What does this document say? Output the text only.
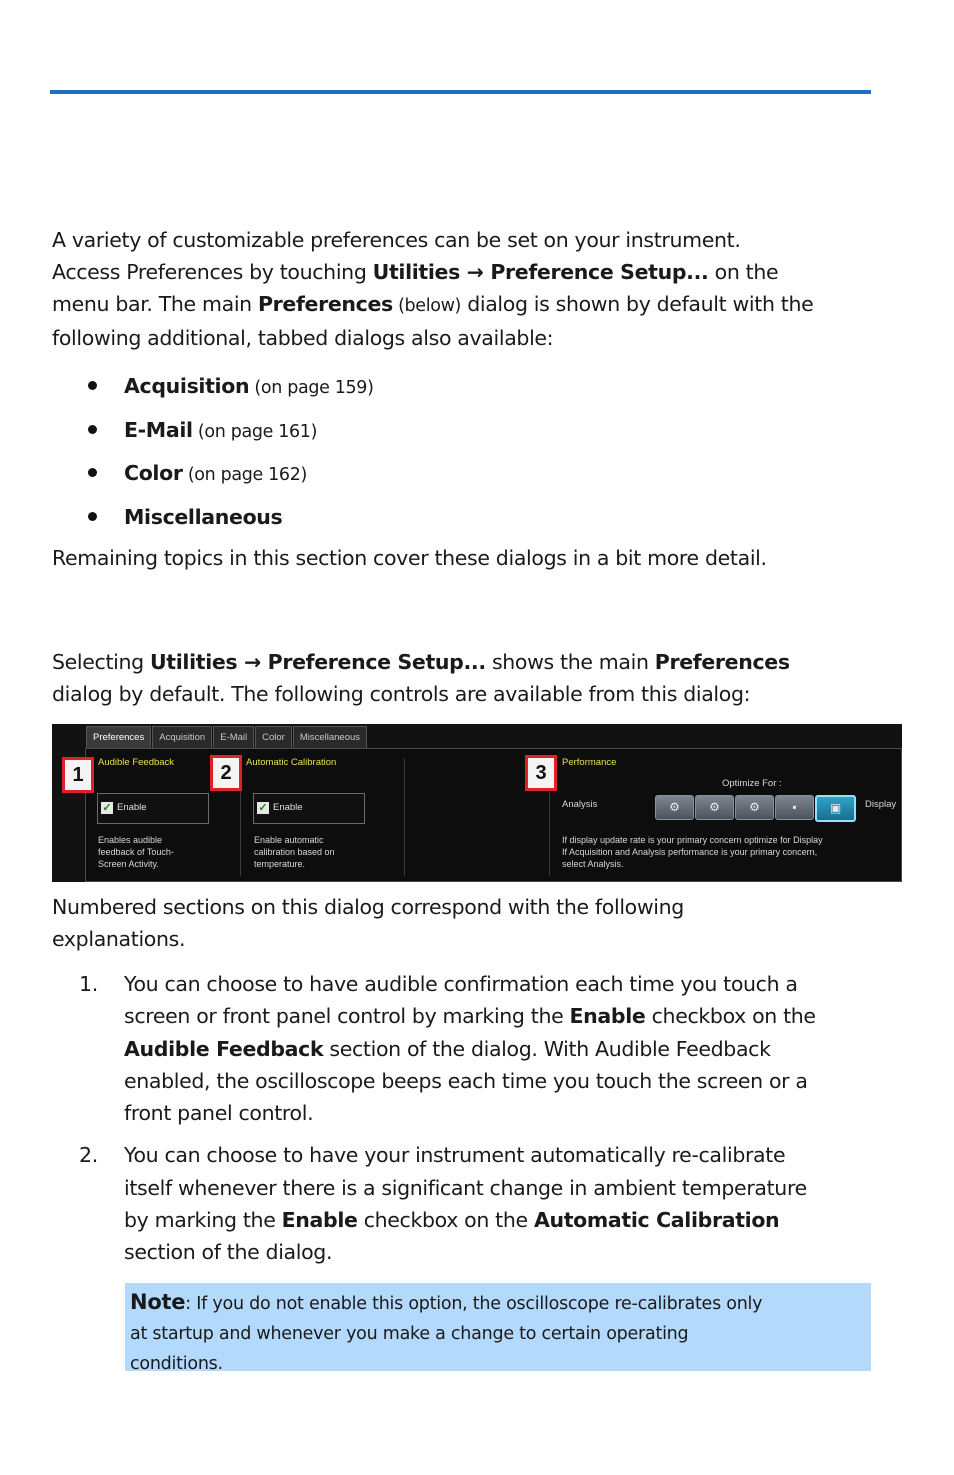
A variety of customizable preferences can be set on your instrument.
Access Preferences by touching Utilities → Preference Setup... on the
menu bar. The main Preferences (below) dialog is shown by default with the
following additional, tabbed dialogs also available:

Acquisition (on page 159)
E-Mail (on page 161)
Color (on page 162)
Miscellaneous

Remaining topics in this section cover these dialogs in a bit more detail.

Selecting Utilities → Preference Setup... shows the main Preferences
dialog by default. The following controls are available from this dialog:

Preferences	Acquisition	E-Mail	Color	Miscellaneous
1	2	3
Audible Feedback	Automatic Calibration	Performance
✓ Enable	✓ Enable
Enables audible
feedback of Touch-
Screen Activity.
Enable automatic
calibration based on
temperature.
Optimize For :
Analysis	Display
⚙	⚙	⚙	▪	▣
If display update rate is your primary concern optimize for Display
If Acquisition and Analysis performance is your primary concern,
select Analysis.

Numbered sections on this dialog correspond with the following
explanations.

1. You can choose to have audible confirmation each time you touch a
screen or front panel control by marking the Enable checkbox on the
Audible Feedback section of the dialog. With Audible Feedback
enabled, the oscilloscope beeps each time you touch the screen or a
front panel control.
2. You can choose to have your instrument automatically re-calibrate
itself whenever there is a significant change in ambient temperature
by marking the Enable checkbox on the Automatic Calibration
section of the dialog.
Note: If you do not enable this option, the oscilloscope re-calibrates only
at startup and whenever you make a change to certain operating
conditions.
